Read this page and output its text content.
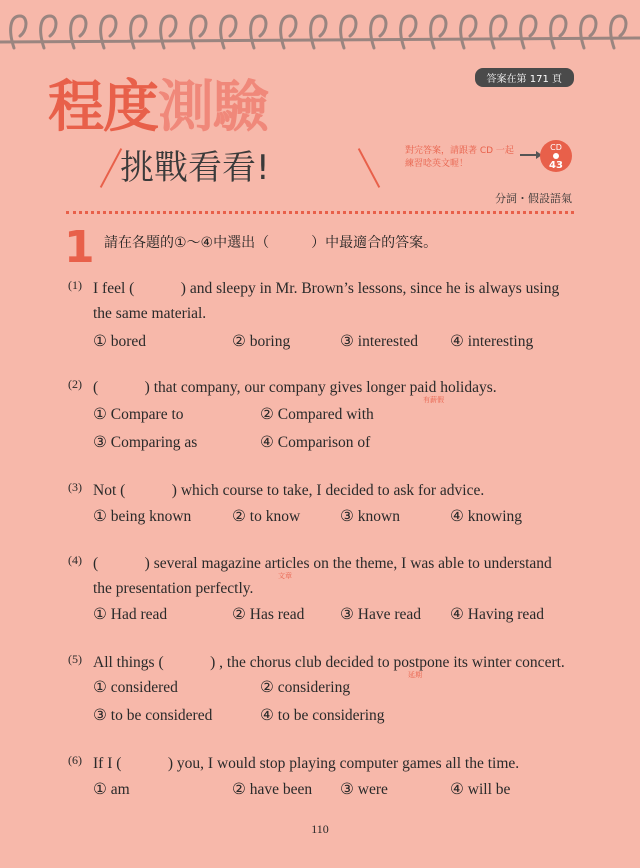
答案在第 171 頁
程度測驗
挑戰看看!	對完答案，請跟著 CD 一起
練習唸英文喔！
CD
43
分詞・假設語氣
1 請在各題的①～④中選出（　　　）中最適合的答案。
(1) I feel (　　　) and sleepy in Mr. Brown’s lessons, since he is always using
the same material.
① bored	② boring	③ interested ④ interesting
(2) (　　　) that company, our company gives longer paid holidays.
有薪假
① Compare to	② Compared with
③ Comparing as	④ Comparison of
(3) Not (　　　) which course to take, I decided to ask for advice.
① being known	② to know	③ known	④ knowing
(4) (　　　) several magazine articles on the theme, I was able to understand
the presentation perfectly.
文章
① Had read	② Has read ③ Have read ④ Having read
(5) All things (　　　) , the chorus club decided to postpone its winter concert.
延期
① considered	② considering
③ to be considered	④ to be considering
(6) If I (　　　) you, I would stop playing computer games all the time.
① am	② have been ③ were	④ will be
110
